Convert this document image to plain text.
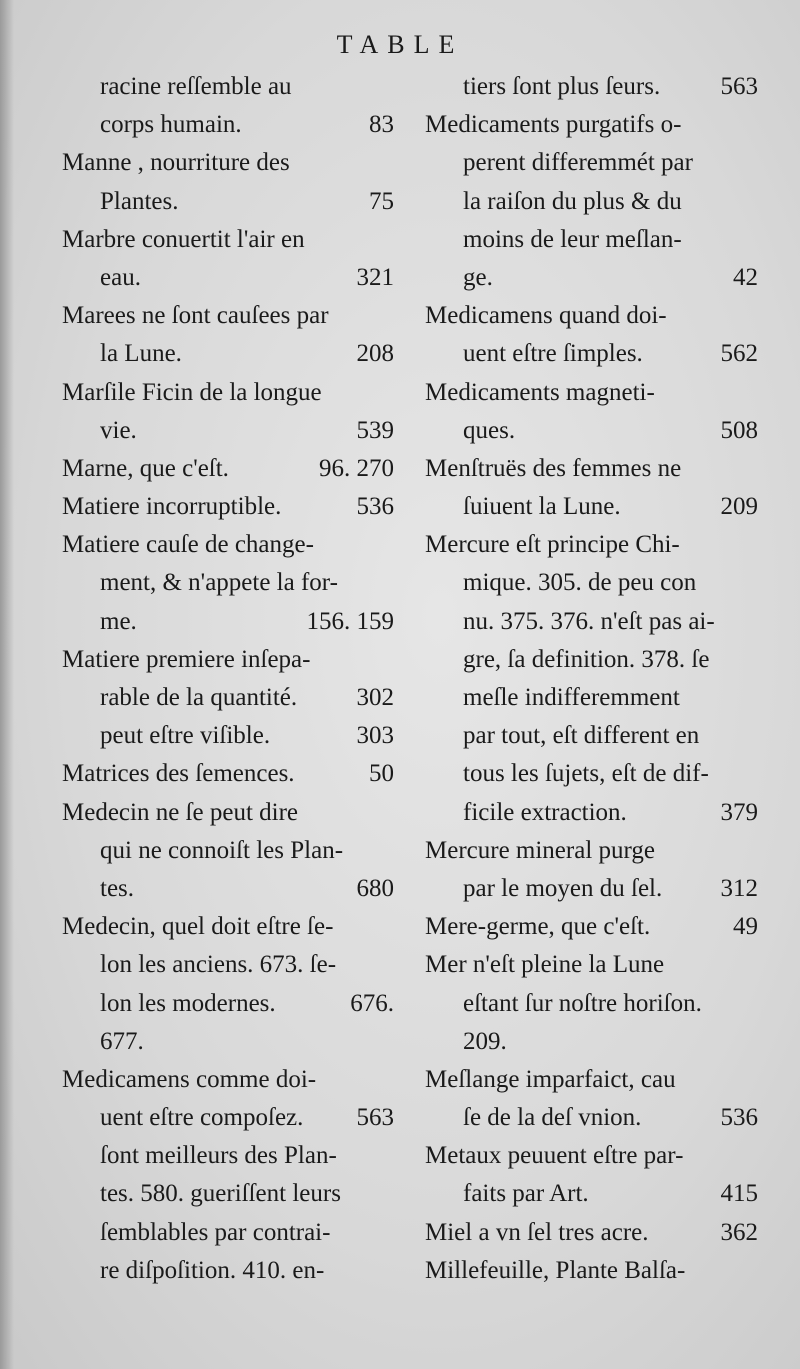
TABLE
racine reſſemble au
corps humain.	83
Manne , nourriture des
Plantes.	75
Marbre conuertit l'air en
eau.	321
Marees ne ſont cauſees par
la Lune.	208
Marſile Ficin de la longue
vie.	539
Marne, que c'eſt.	96. 270
Matiere incorruptible.	536
Matiere cauſe de change-
ment, & n'appete la for-
me.	156. 159
Matiere premiere inſepa-
rable de la quantité.	302
peut eſtre viſible.	303
Matrices des ſemences.	50
Medecin ne ſe peut dire
qui ne connoiſt les Plan-
tes.	680
Medecin, quel doit eſtre ſe-
lon les anciens. 673. ſe-
lon les modernes.	676.
677.
Medicamens comme doi-
uent eſtre compoſez.	563
ſont meilleurs des Plan-
tes. 580. gueriſſent leurs
ſemblables par contrai-
re diſpoſition. 410. en-
tiers ſont plus ſeurs.	563
Medicaments purgatifs o-
perent differemmét par
la raiſon du plus & du
moins de leur meſlan-
ge.	42
Medicamens quand doi-
uent eſtre ſimples.	562
Medicaments magneti-
ques.	508
Menſtruës des femmes ne
ſuiuent la Lune.	209
Mercure eſt principe Chi-
mique. 305. de peu con
nu. 375. 376. n'eſt pas ai-
gre, ſa definition. 378. ſe
meſle indifferemment
par tout, eſt different en
tous les ſujets, eſt de dif-
ficile extraction.	379
Mercure mineral purge
par le moyen du ſel.	312
Mere-germe, que c'eſt.	49
Mer n'eſt pleine la Lune
eſtant ſur noſtre horiſon.
209.
Meſlange imparfaict, cau
ſe de la deſ vnion.	536
Metaux peuuent eſtre par-
faits par Art.	415
Miel a vn ſel tres acre.	362
Millefeuille, Plante Balſa-
